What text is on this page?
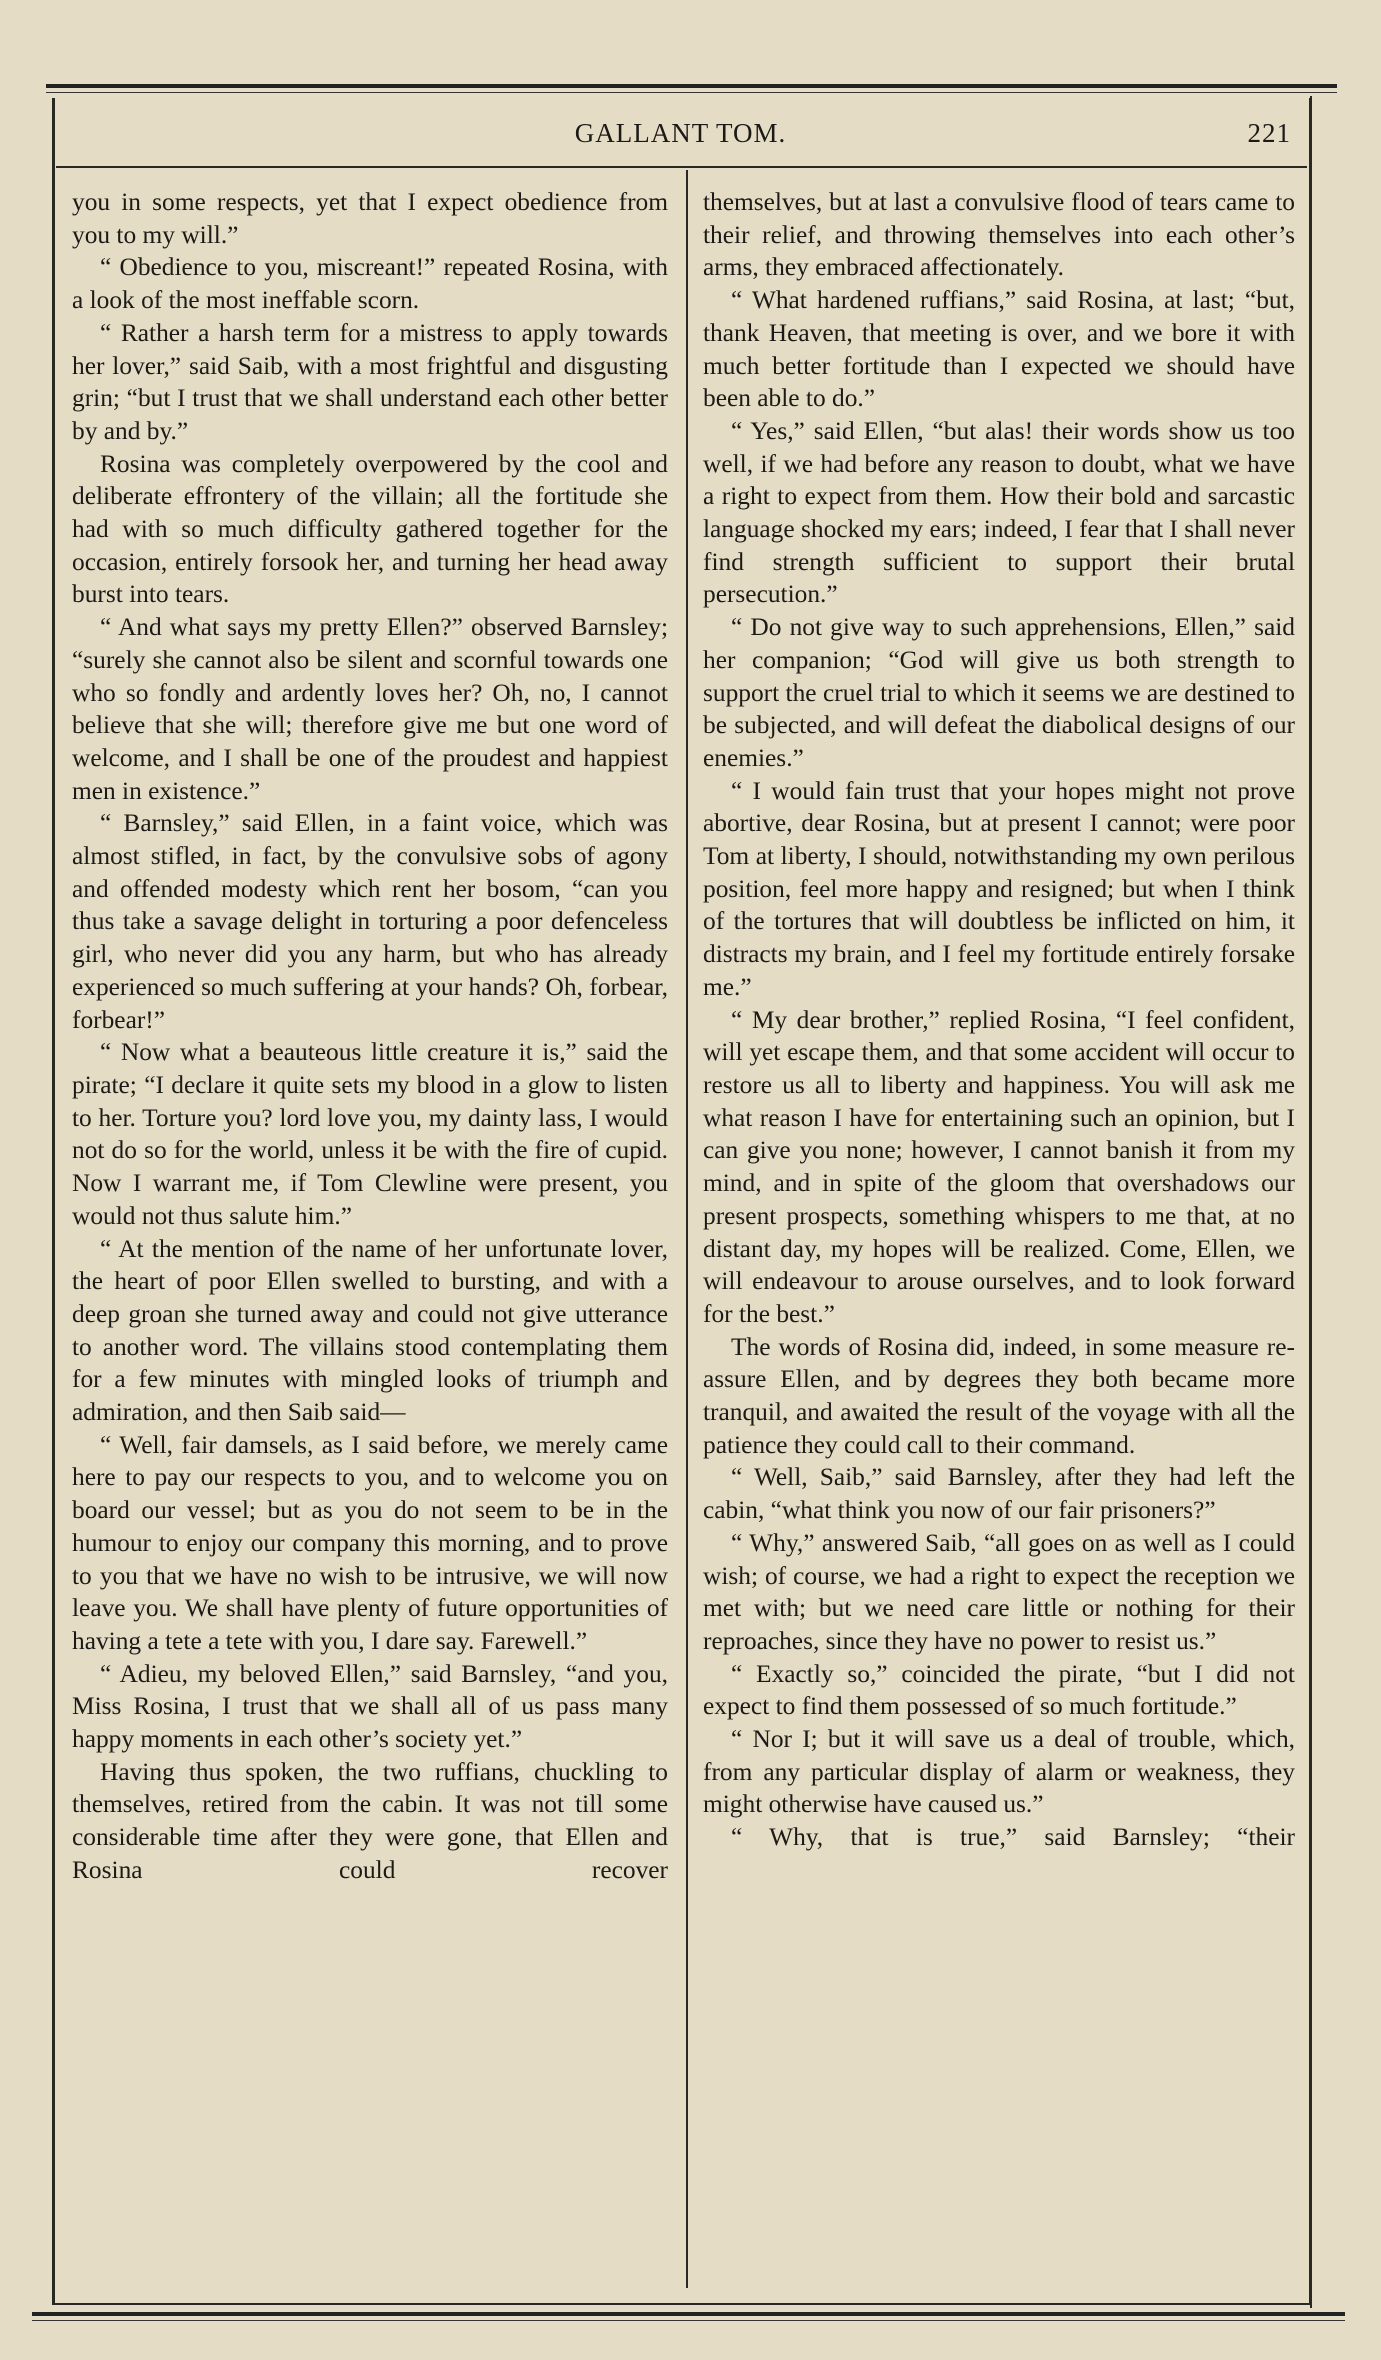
GALLANT TOM.	221

you in some respects, yet that I expect obedience from you to my will.”

“ Obedience to you, miscreant!” repeated Rosina, with a look of the most ineffable scorn.

“ Rather a harsh term for a mistress to apply towards her lover,” said Saib, with a most frightful and disgusting grin; “but I trust that we shall understand each other better by and by.”

Rosina was completely overpowered by the cool and deliberate effrontery of the villain; all the fortitude she had with so much difficulty gathered together for the occasion, entirely forsook her, and turning her head away burst into tears.

“ And what says my pretty Ellen?” observed Barnsley; “surely she cannot also be silent and scornful towards one who so fondly and ardently loves her? Oh, no, I cannot believe that she will; therefore give me but one word of welcome, and I shall be one of the proudest and happiest men in existence.”

“ Barnsley,” said Ellen, in a faint voice, which was almost stifled, in fact, by the convulsive sobs of agony and offended modesty which rent her bosom, “can you thus take a savage delight in torturing a poor defenceless girl, who never did you any harm, but who has already experienced so much suffering at your hands? Oh, forbear, forbear!”

“ Now what a beauteous little creature it is,” said the pirate; “I declare it quite sets my blood in a glow to listen to her. Torture you? lord love you, my dainty lass, I would not do so for the world, unless it be with the fire of cupid. Now I warrant me, if Tom Clewline were present, you would not thus salute him.”

“ At the mention of the name of her unfortunate lover, the heart of poor Ellen swelled to bursting, and with a deep groan she turned away and could not give utterance to another word. The villains stood contemplating them for a few minutes with mingled looks of triumph and admiration, and then Saib said—

“ Well, fair damsels, as I said before, we merely came here to pay our respects to you, and to welcome you on board our vessel; but as you do not seem to be in the humour to enjoy our company this morning, and to prove to you that we have no wish to be intrusive, we will now leave you. We shall have plenty of future opportunities of having a tete a tete with you, I dare say. Farewell.”

“ Adieu, my beloved Ellen,” said Barnsley, “and you, Miss Rosina, I trust that we shall all of us pass many happy moments in each other’s society yet.”

Having thus spoken, the two ruffians, chuckling to themselves, retired from the cabin. It was not till some considerable time after they were gone, that Ellen and Rosina could recover

themselves, but at last a convulsive flood of tears came to their relief, and throwing themselves into each other’s arms, they embraced affectionately.

“ What hardened ruffians,” said Rosina, at last; “but, thank Heaven, that meeting is over, and we bore it with much better fortitude than I expected we should have been able to do.”

“ Yes,” said Ellen, “but alas! their words show us too well, if we had before any reason to doubt, what we have a right to expect from them. How their bold and sarcastic language shocked my ears; indeed, I fear that I shall never find strength sufficient to support their brutal persecution.”

“ Do not give way to such apprehensions, Ellen,” said her companion; “God will give us both strength to support the cruel trial to which it seems we are destined to be subjected, and will defeat the diabolical designs of our enemies.”

“ I would fain trust that your hopes might not prove abortive, dear Rosina, but at present I cannot; were poor Tom at liberty, I should, notwithstanding my own perilous position, feel more happy and resigned; but when I think of the tortures that will doubtless be inflicted on him, it distracts my brain, and I feel my fortitude entirely forsake me.”

“ My dear brother,” replied Rosina, “I feel confident, will yet escape them, and that some accident will occur to restore us all to liberty and happiness. You will ask me what reason I have for entertaining such an opinion, but I can give you none; however, I cannot banish it from my mind, and in spite of the gloom that overshadows our present prospects, something whispers to me that, at no distant day, my hopes will be realized. Come, Ellen, we will endeavour to arouse ourselves, and to look forward for the best.”

The words of Rosina did, indeed, in some measure re-assure Ellen, and by degrees they both became more tranquil, and awaited the result of the voyage with all the patience they could call to their command.

“ Well, Saib,” said Barnsley, after they had left the cabin, “what think you now of our fair prisoners?”

“ Why,” answered Saib, “all goes on as well as I could wish; of course, we had a right to expect the reception we met with; but we need care little or nothing for their reproaches, since they have no power to resist us.”

“ Exactly so,” coincided the pirate, “but I did not expect to find them possessed of so much fortitude.”

“ Nor I; but it will save us a deal of trouble, which, from any particular display of alarm or weakness, they might otherwise have caused us.”

“ Why, that is true,” said Barnsley; “their
